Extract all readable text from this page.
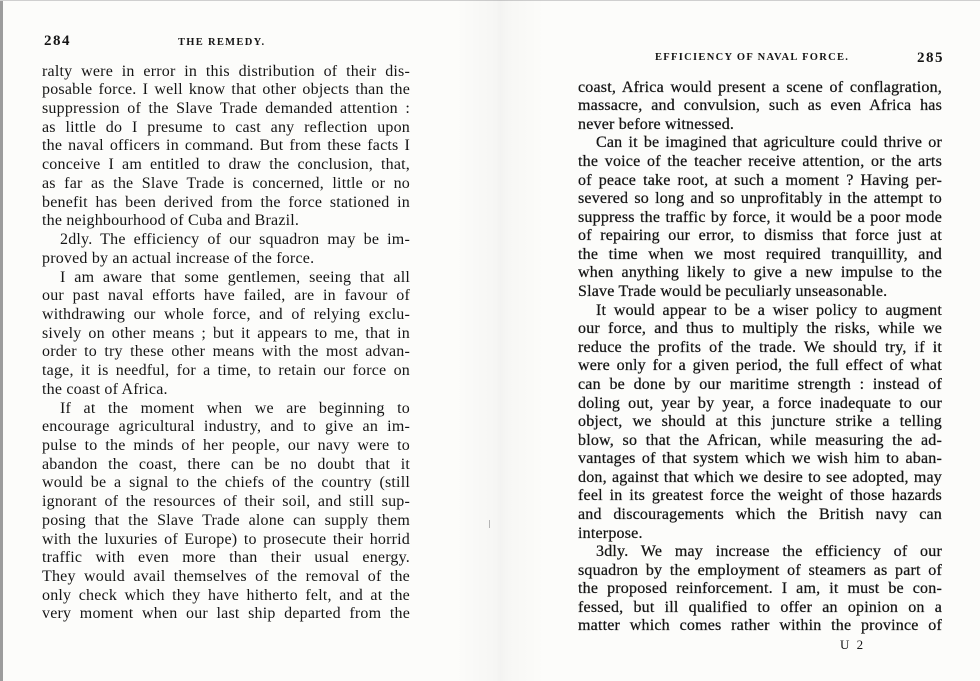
284	THE REMEDY.
ralty were in error in this distribution of their dis-
posable force. I well know that other objects than the
suppression of the Slave Trade demanded attention :
as little do I presume to cast any reflection upon
the naval officers in command. But from these facts I
conceive I am entitled to draw the conclusion, that,
as far as the Slave Trade is concerned, little or no
benefit has been derived from the force stationed in
the neighbourhood of Cuba and Brazil.
2dly. The efficiency of our squadron may be im-
proved by an actual increase of the force.
I am aware that some gentlemen, seeing that all
our past naval efforts have failed, are in favour of
withdrawing our whole force, and of relying exclu-
sively on other means ; but it appears to me, that in
order to try these other means with the most advan-
tage, it is needful, for a time, to retain our force on
the coast of Africa.
If at the moment when we are beginning to
encourage agricultural industry, and to give an im-
pulse to the minds of her people, our navy were to
abandon the coast, there can be no doubt that it
would be a signal to the chiefs of the country (still
ignorant of the resources of their soil, and still sup-
posing that the Slave Trade alone can supply them
with the luxuries of Europe) to prosecute their horrid
traffic with even more than their usual energy.
They would avail themselves of the removal of the
only check which they have hitherto felt, and at the
very moment when our last ship departed from the
EFFICIENCY OF NAVAL FORCE.	285
coast, Africa would present a scene of conflagration,
massacre, and convulsion, such as even Africa has
never before witnessed.
Can it be imagined that agriculture could thrive or
the voice of the teacher receive attention, or the arts
of peace take root, at such a moment ? Having per-
severed so long and so unprofitably in the attempt to
suppress the traffic by force, it would be a poor mode
of repairing our error, to dismiss that force just at
the time when we most required tranquillity, and
when anything likely to give a new impulse to the
Slave Trade would be peculiarly unseasonable.
It would appear to be a wiser policy to augment
our force, and thus to multiply the risks, while we
reduce the profits of the trade. We should try, if it
were only for a given period, the full effect of what
can be done by our maritime strength : instead of
doling out, year by year, a force inadequate to our
object, we should at this juncture strike a telling
blow, so that the African, while measuring the ad-
vantages of that system which we wish him to aban-
don, against that which we desire to see adopted, may
feel in its greatest force the weight of those hazards
and discouragements which the British navy can
interpose.
3dly. We may increase the efficiency of our
squadron by the employment of steamers as part of
the proposed reinforcement. I am, it must be con-
fessed, but ill qualified to offer an opinion on a
matter which comes rather within the province of
U 2
